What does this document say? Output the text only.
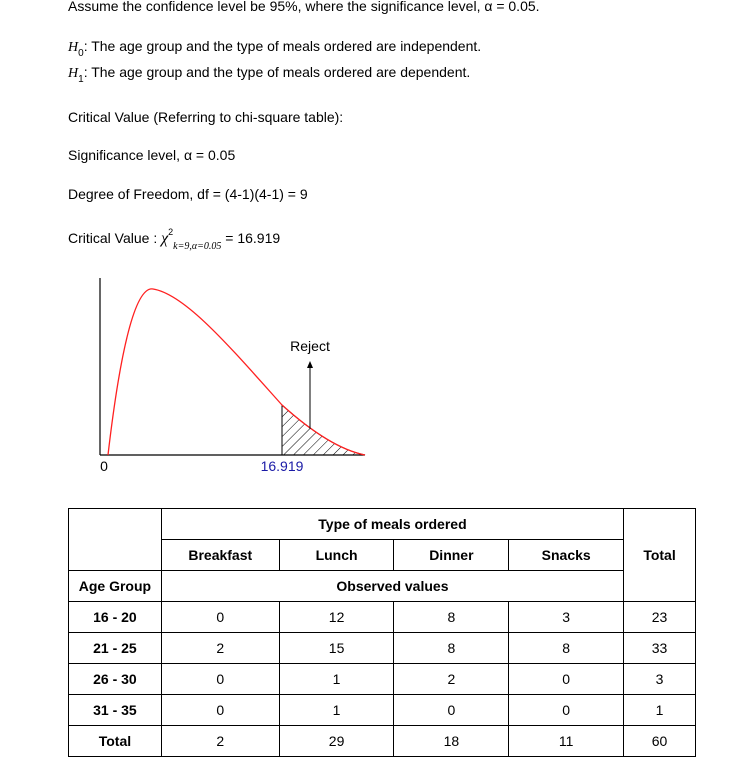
Assume the confidence level be 95%, where the significance level, α = 0.05.
$H_0$: The age group and the type of meals ordered are independent.
$H_1$: The age group and the type of meals ordered are dependent.
Critical Value (Referring to chi-square table):
Significance level, α = 0.05
Degree of Freedom, df = (4-1)(4-1) = 9
Critical Value : $\chi^2_{k=9,\alpha=0.05} = 16.919$
Reject
0	16.919
	Type of meals ordered				
	Breakfast	Lunch	Dinner	Snacks	Total
Age Group	Observed values				
16 - 20	0	12	8	3	23
21 - 25	2	15	8	8	33
26 - 30	0	1	2	0	3
31 - 35	0	1	0	0	1
Total	2	29	18	11	60
